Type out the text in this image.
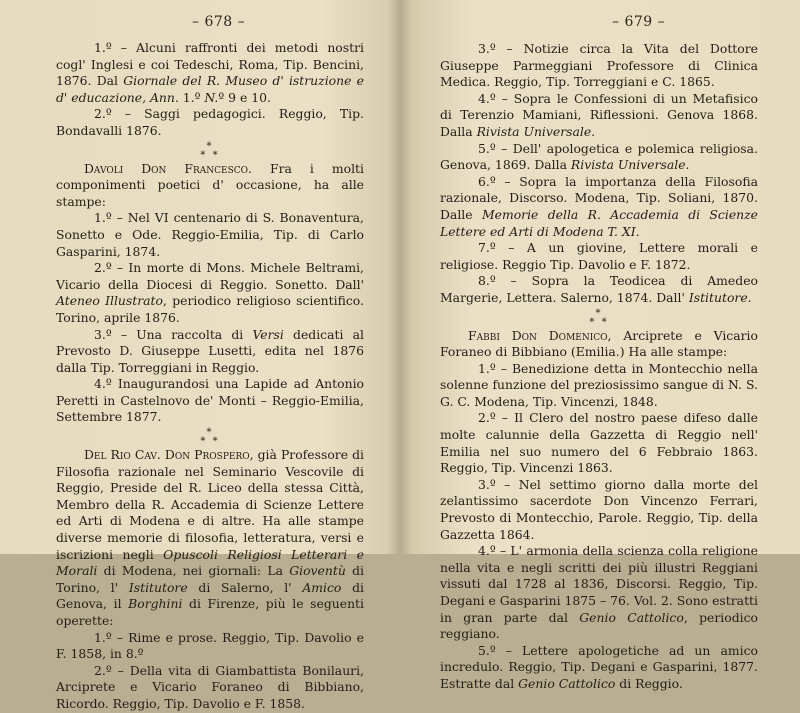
– 678 –	– 679 –

1.º – Alcuni raffronti dei metodi nostri cogl' Inglesi e coi Tedeschi, Roma, Tip. Bencini, 1876. Dal Giornale del R. Museo d' istruzione e d' educazione, Ann. 1.º N.º 9 e 10.

2.º – Saggi pedagogici. Reggio, Tip. Bondavalli 1876.

*
* *

Davoli Don Francesco. Fra i molti componimenti poetici d' occasione, ha alle stampe:

1.º – Nel VI centenario di S. Bonaventura, Sonetto e Ode. Reggio-Emilia, Tip. di Carlo Gasparini, 1874.

2.º – In morte di Mons. Michele Beltrami, Vicario della Diocesi di Reggio. Sonetto. Dall' Ateneo Illustrato, periodico religioso scientifico. Torino, aprile 1876.

3.º – Una raccolta di Versi dedicati al Prevosto D. Giuseppe Lusetti, edita nel 1876 dalla Tip. Torreggiani in Reggio.

4.º Inaugurandosi una Lapide ad Antonio Peretti in Castelnovo de' Monti – Reggio-Emilia, Settembre 1877.

*
* *

Del Rio Cav. Don Prospero, già Professore di Filosofia razionale nel Seminario Vescovile di Reggio, Preside del R. Liceo della stessa Città, Membro della R. Accademia di Scienze Lettere ed Arti di Modena e di altre. Ha alle stampe diverse memorie di filosofia, letteratura, versi e iscrizioni negli Opuscoli Religiosi Letterari e Morali di Modena, nei giornali: La Gioventù di Torino, l' Istitutore di Salerno, l' Amico di Genova, il Borghini di Firenze, più le seguenti operette:

1.º – Rime e prose. Reggio, Tip. Davolio e F. 1858, in 8.º

2.º – Della vita di Giambattista Bonilauri, Arciprete e Vicario Foraneo di Bibbiano, Ricordo. Reggio, Tip. Davolio e F. 1858.

3.º – Notizie circa la Vita del Dottore Giuseppe Parmeggiani Professore di Clinica Medica. Reggio, Tip. Torreggiani e C. 1865.

4.º – Sopra le Confessioni di un Metafisico di Terenzio Mamiani, Riflessioni. Genova 1868. Dalla Rivista Universale.

5.º – Dell' apologetica e polemica religiosa. Genova, 1869. Dalla Rivista Universale.

6.º – Sopra la importanza della Filosofia razionale, Discorso. Modena, Tip. Soliani, 1870. Dalle Memorie della R. Accademia di Scienze Lettere ed Arti di Modena T. XI.

7.º – A un giovine, Lettere morali e religiose. Reggio Tip. Davolio e F. 1872.

8.º – Sopra la Teodicea di Amedeo Margerie, Lettera. Salerno, 1874. Dall' Istitutore.

*
* *

Fabbi Don Domenico, Arciprete e Vicario Foraneo di Bibbiano (Emilia.) Ha alle stampe:

1.º – Benedizione detta in Montecchio nella solenne funzione del preziosissimo sangue di N. S. G. C. Modena, Tip. Vincenzi, 1848.

2.º – Il Clero del nostro paese difeso dalle molte calunnie della Gazzetta di Reggio nell' Emilia nel suo numero del 6 Febbraio 1863. Reggio, Tip. Vincenzi 1863.

3.º – Nel settimo giorno dalla morte del zelantissimo sacerdote Don Vincenzo Ferrari, Prevosto di Montecchio, Parole. Reggio, Tip. della Gazzetta 1864.

4.º – L' armonia della scienza colla religione nella vita e negli scritti dei più illustri Reggiani vissuti dal 1728 al 1836, Discorsi. Reggio, Tip. Degani e Gasparini 1875 – 76. Vol. 2. Sono estratti in gran parte dal Genio Cattolico, periodico reggiano.

5.º – Lettere apologetiche ad un amico incredulo. Reggio, Tip. Degani e Gasparini, 1877. Estratte dal Genio Cattolico di Reggio.
